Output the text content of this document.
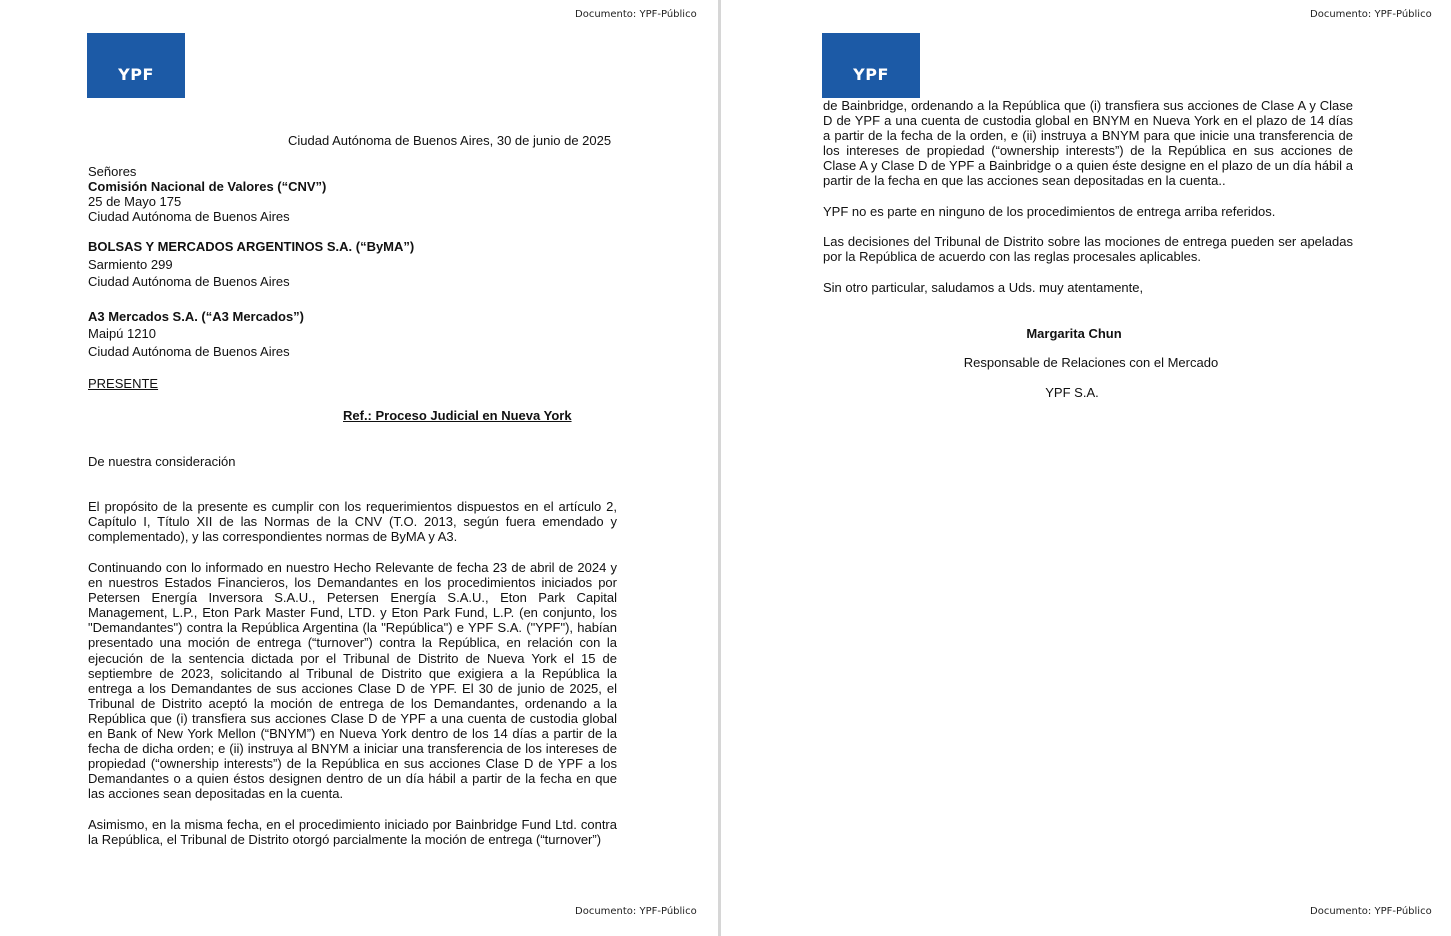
Documento: YPF-Público
YPF
Ciudad Autónoma de Buenos Aires, 30 de junio de 2025
Señores
Comisión Nacional de Valores (“CNV”)
25 de Mayo 175
Ciudad Autónoma de Buenos Aires
BOLSAS Y MERCADOS ARGENTINOS S.A. (“ByMA”)
Sarmiento 299
Ciudad Autónoma de Buenos Aires
A3 Mercados S.A. (“A3 Mercados”)
Maipú 1210
Ciudad Autónoma de Buenos Aires
PRESENTE
Ref.: Proceso Judicial en Nueva York
De nuestra consideración

El propósito de la presente es cumplir con los requerimientos dispuestos en el artículo 2, Capítulo I, Título XII de las Normas de la CNV (T.O. 2013, según fuera emendado y complementado), y las correspondientes normas de ByMA y A3.

Continuando con lo informado en nuestro Hecho Relevante de fecha 23 de abril de 2024 y en nuestros Estados Financieros, los Demandantes en los procedimientos iniciados por Petersen Energía Inversora S.A.U., Petersen Energía S.A.U., Eton Park Capital Management, L.P., Eton Park Master Fund, LTD. y Eton Park Fund, L.P. (en conjunto, los "Demandantes") contra la República Argentina (la "República") e YPF S.A. ("YPF"), habían presentado una moción de entrega (“turnover”) contra la República, en relación con la ejecución de la sentencia dictada por el Tribunal de Distrito de Nueva York el 15 de septiembre de 2023, solicitando al Tribunal de Distrito que exigiera a la República la entrega a los Demandantes de sus acciones Clase D de YPF. El 30 de junio de 2025, el Tribunal de Distrito aceptó la moción de entrega de los Demandantes, ordenando a la República que (i) transfiera sus acciones Clase D de YPF a una cuenta de custodia global en Bank of New York Mellon (“BNYM”) en Nueva York dentro de los 14 días a partir de la fecha de dicha orden; e (ii) instruya al BNYM a iniciar una transferencia de los intereses de propiedad (“ownership interests”) de la República en sus acciones Clase D de YPF a los Demandantes o a quien éstos designen dentro de un día hábil a partir de la fecha en que las acciones sean depositadas en la cuenta.

Asimismo, en la misma fecha, en el procedimiento iniciado por Bainbridge Fund Ltd. contra la República, el Tribunal de Distrito otorgó parcialmente la moción de entrega (“turnover”)

Documento: YPF-Público
Documento: YPF-Público
YPF

de Bainbridge, ordenando a la República que (i) transfiera sus acciones de Clase A y Clase D de YPF a una cuenta de custodia global en BNYM en Nueva York en el plazo de 14 días a partir de la fecha de la orden, e (ii) instruya a BNYM para que inicie una transferencia de los intereses de propiedad (“ownership interests”) de la República en sus acciones de Clase A y Clase D de YPF a Bainbridge o a quien éste designe en el plazo de un día hábil a partir de la fecha en que las acciones sean depositadas en la cuenta..

YPF no es parte en ninguno de los procedimientos de entrega arriba referidos.

Las decisiones del Tribunal de Distrito sobre las mociones de entrega pueden ser apeladas por la República de acuerdo con las reglas procesales aplicables.

Sin otro particular, saludamos a Uds. muy atentamente,

Margarita Chun
Responsable de Relaciones con el Mercado
YPF S.A.
Documento: YPF-Público
